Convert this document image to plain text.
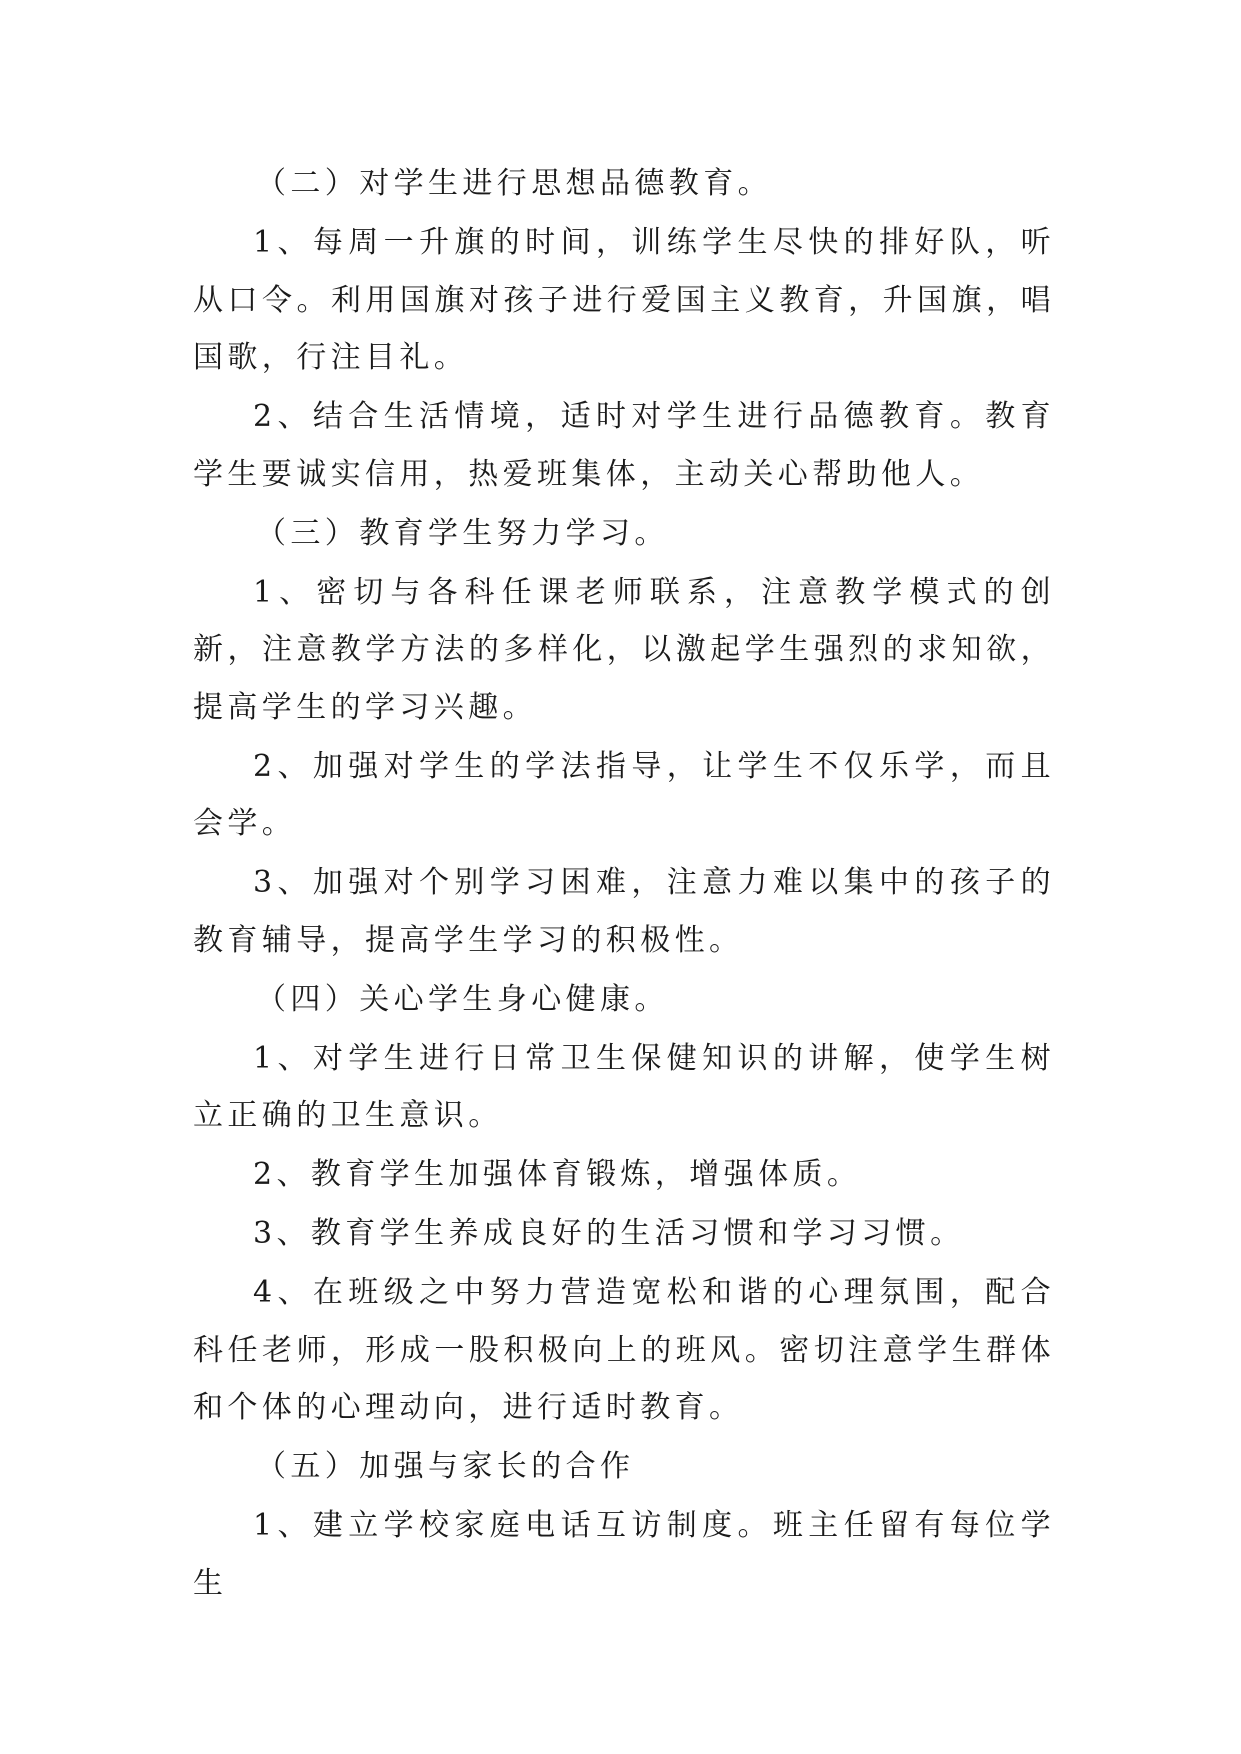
（二）对学生进行思想品德教育。

1、每周一升旗的时间，训练学生尽快的排好队，听从口令。利用国旗对孩子进行爱国主义教育，升国旗，唱国歌，行注目礼。

2、结合生活情境，适时对学生进行品德教育。教育学生要诚实信用，热爱班集体，主动关心帮助他人。

（三）教育学生努力学习。

1、密切与各科任课老师联系，注意教学模式的创新，注意教学方法的多样化，以激起学生强烈的求知欲，提高学生的学习兴趣。

2、加强对学生的学法指导，让学生不仅乐学，而且会学。

3、加强对个别学习困难，注意力难以集中的孩子的教育辅导，提高学生学习的积极性。

（四）关心学生身心健康。

1、对学生进行日常卫生保健知识的讲解，使学生树立正确的卫生意识。

2、教育学生加强体育锻炼，增强体质。

3、教育学生养成良好的生活习惯和学习习惯。

4、在班级之中努力营造宽松和谐的心理氛围，配合科任老师，形成一股积极向上的班风。密切注意学生群体和个体的心理动向，进行适时教育。

（五）加强与家长的合作

1、建立学校家庭电话互访制度。班主任留有每位学生
